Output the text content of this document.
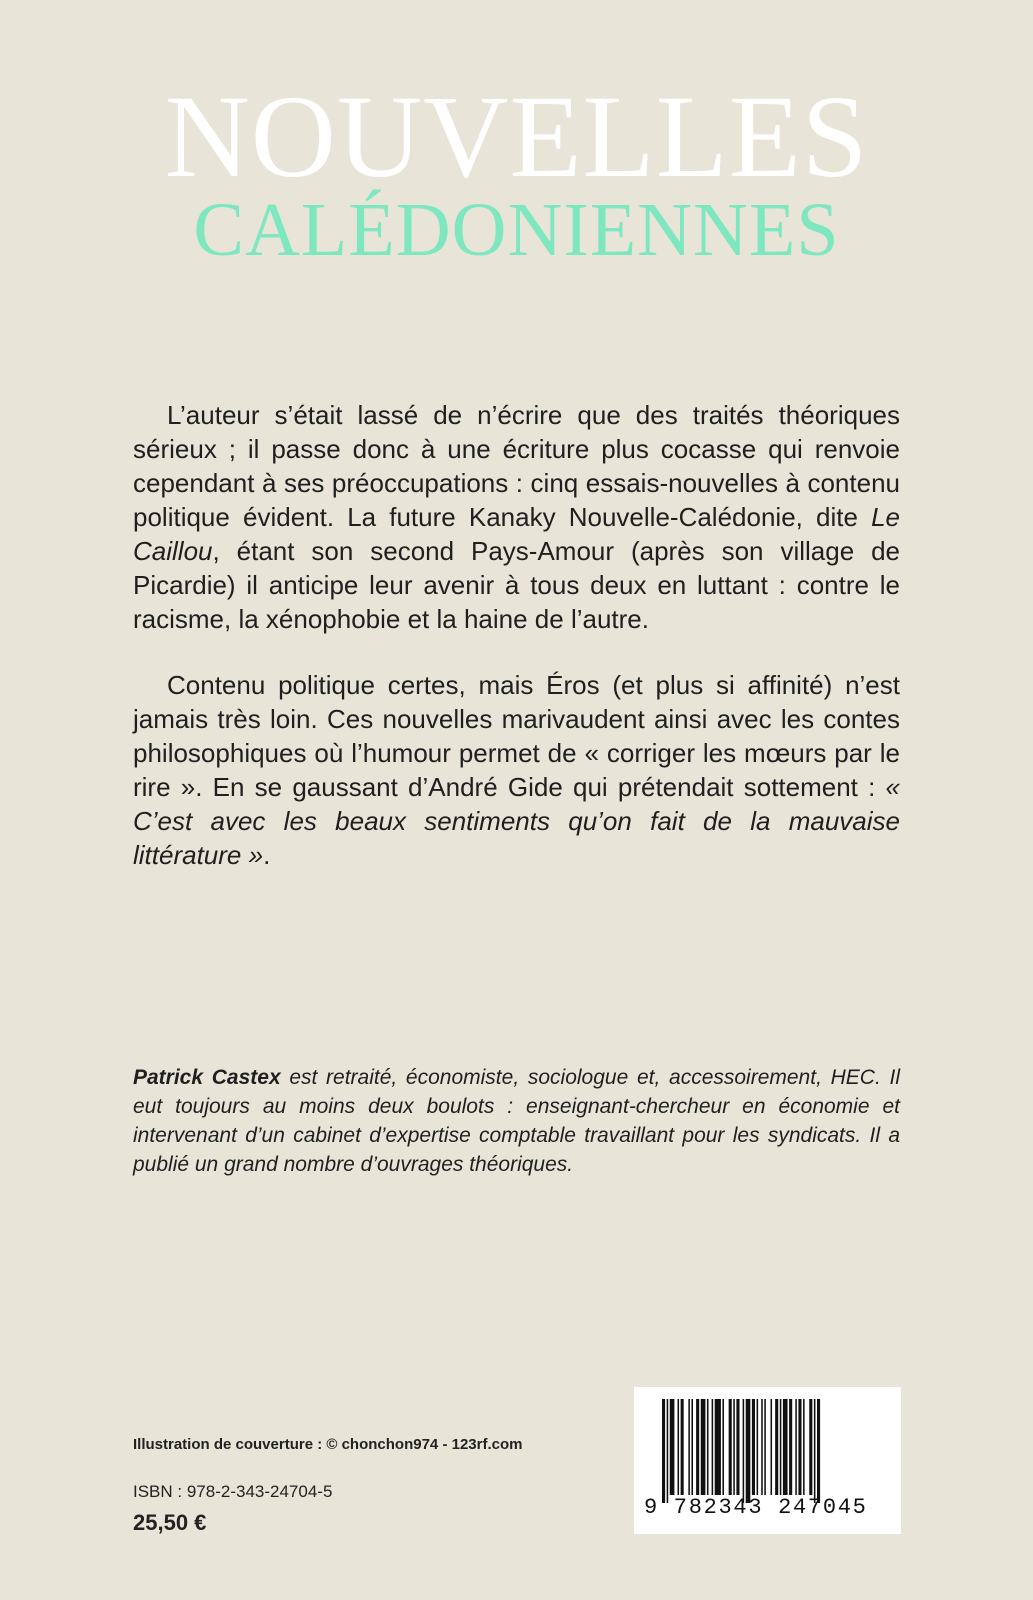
NOUVELLES
CALÉDONIENNES

L’auteur s’était lassé de n’écrire que des traités théoriques sérieux ; il passe donc à une écriture plus cocasse qui renvoie cependant à ses préoccupations : cinq essais-nouvelles à contenu politique évident. La future Kanaky Nouvelle-Calédonie, dite Le Caillou, étant son second Pays-Amour (après son village de Picardie) il anticipe leur avenir à tous deux en luttant : contre le racisme, la xénophobie et la haine de l’autre.

Contenu politique certes, mais Éros (et plus si affinité) n’est jamais très loin. Ces nouvelles marivaudent ainsi avec les contes philosophiques où l’humour permet de « corriger les mœurs par le rire ». En se gaussant d’André Gide qui prétendait sottement : « C’est avec les beaux sentiments qu’on fait de la mauvaise littérature ».

Patrick Castex est retraité, économiste, sociologue et, accessoirement, HEC. Il eut toujours au moins deux boulots : enseignant-chercheur en économie et intervenant d’un cabinet d’expertise comptable travaillant pour les syndicats. Il a publié un grand nombre d’ouvrages théoriques.

Illustration de couverture : © chonchon974 - 123rf.com
ISBN : 978-2-343-24704-5
25,50 €
9 782343 247045
